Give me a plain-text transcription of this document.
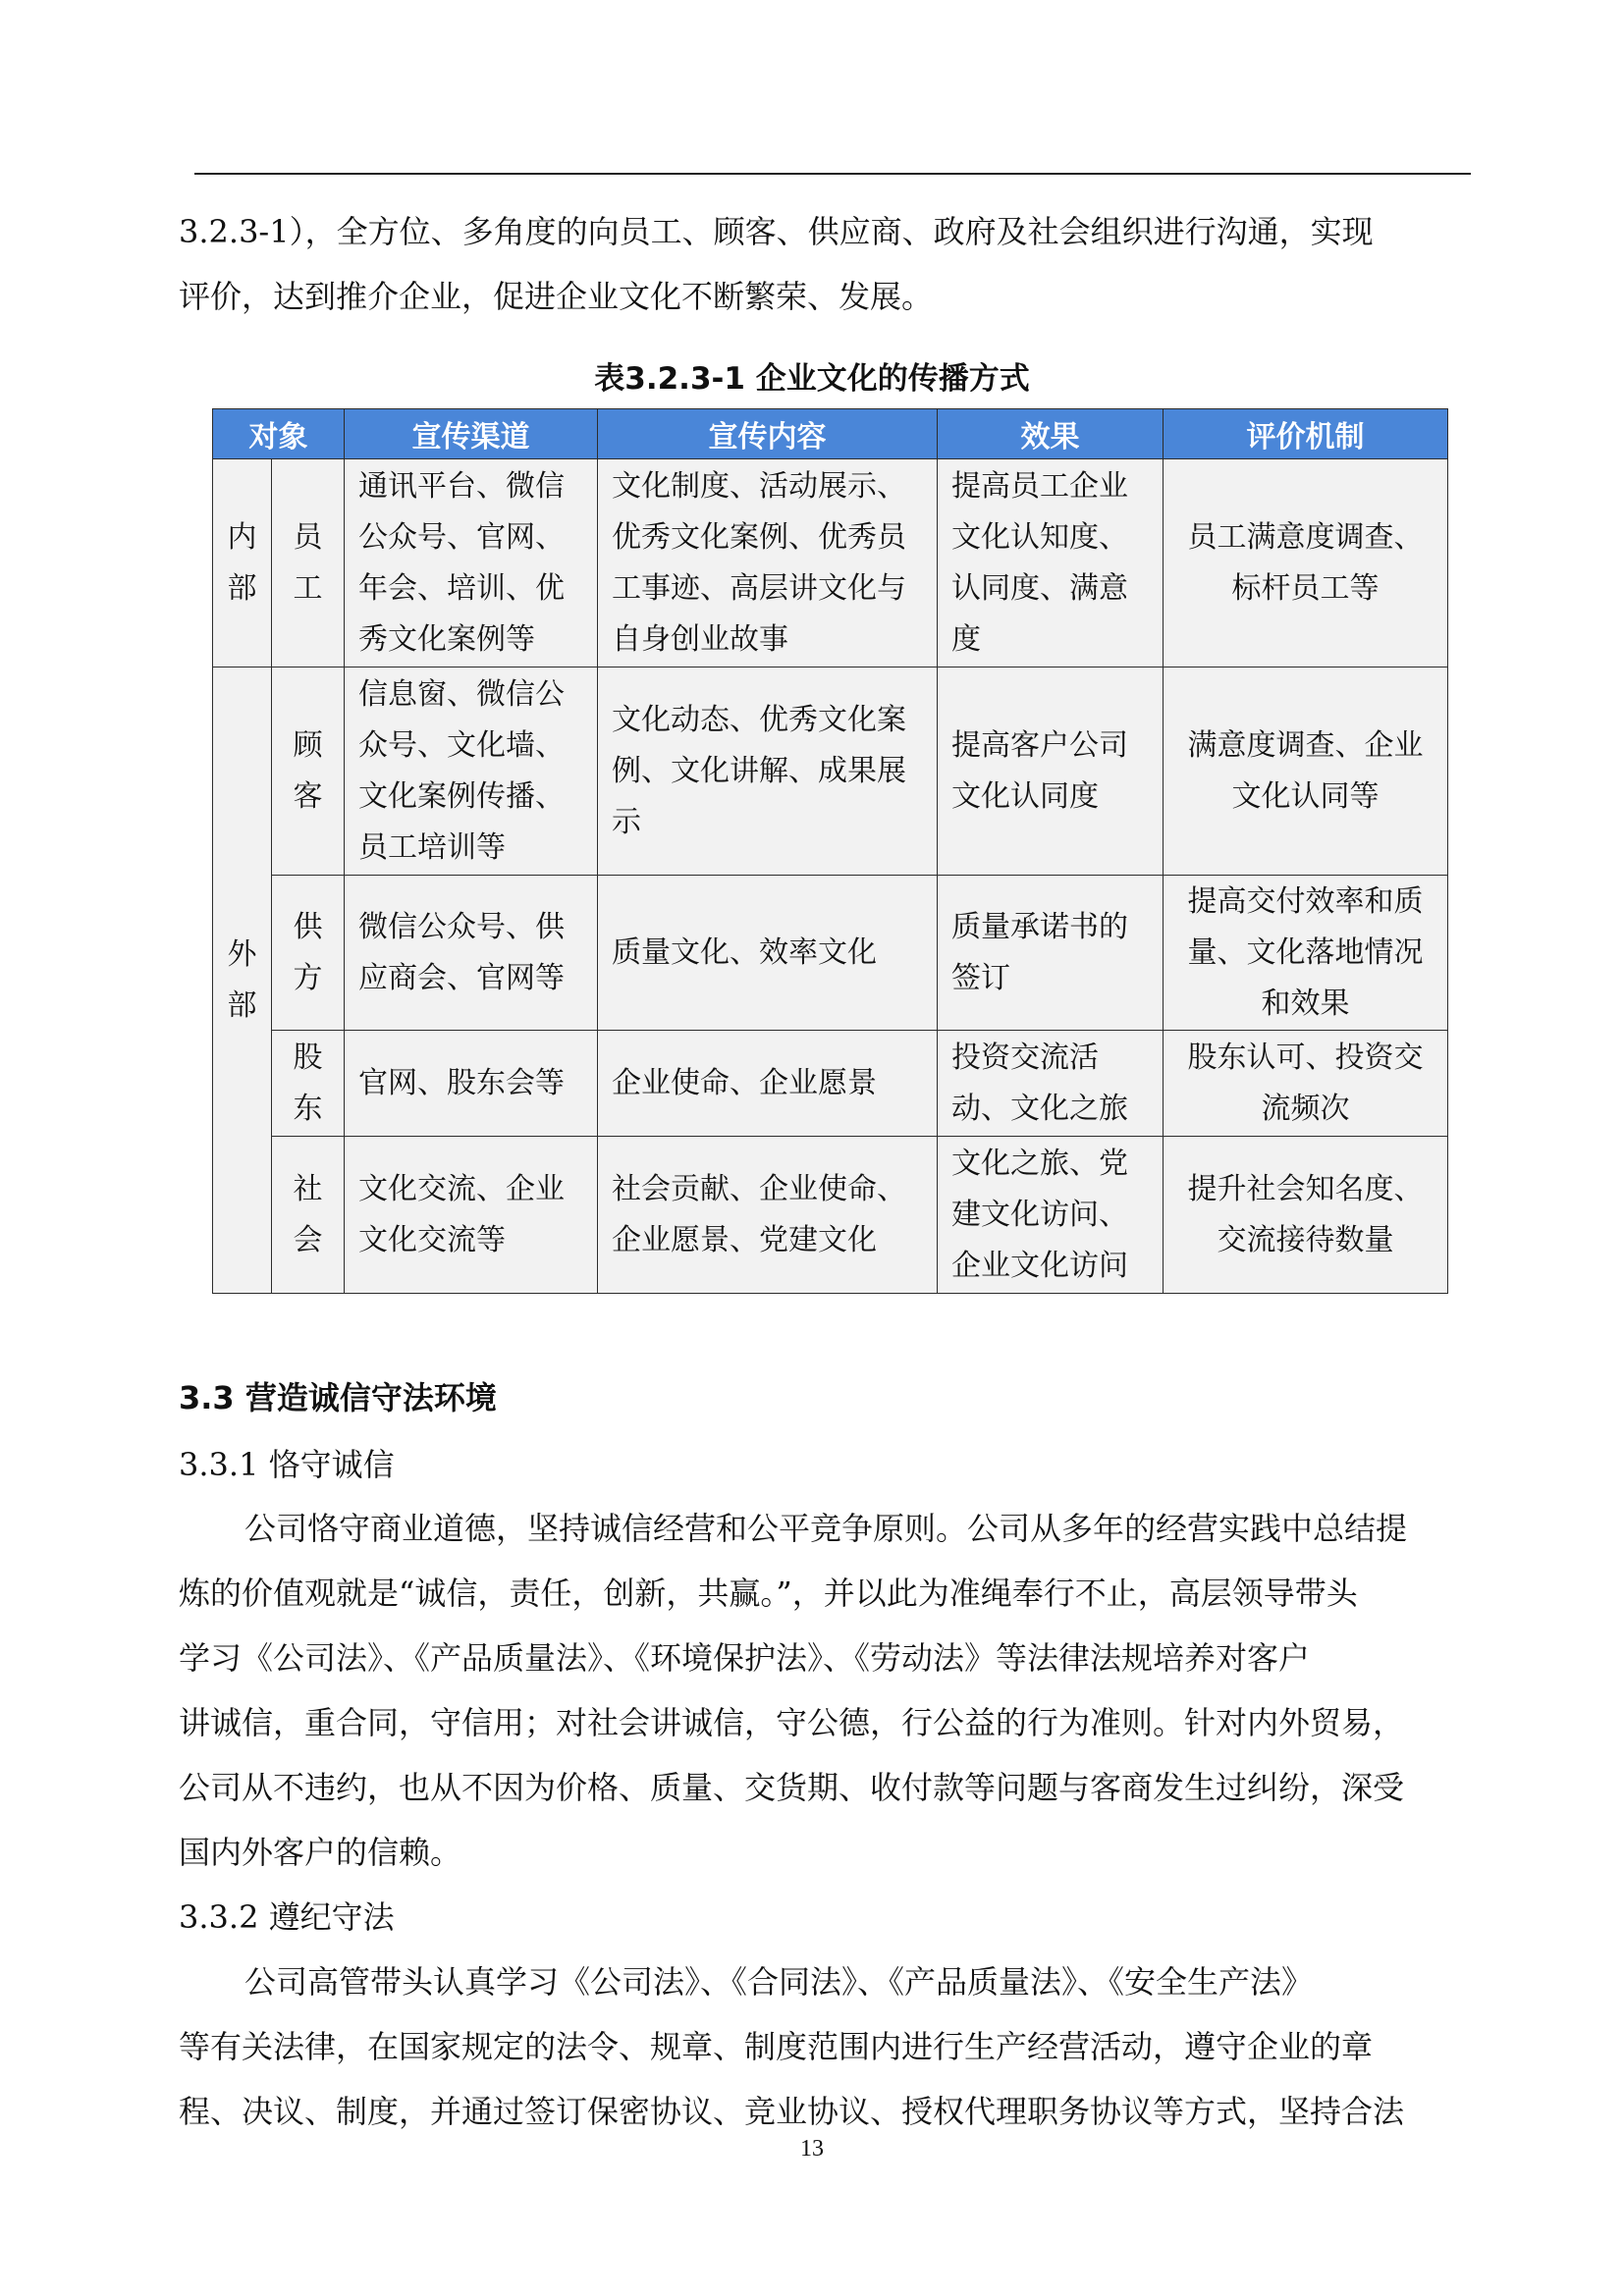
3.2.3-1），全方位、多角度的向员工、顾客、供应商、政府及社会组织进行沟通，实现
评价，达到推介企业，促进企业文化不断繁荣、发展。
表3.2.3-1 企业文化的传播方式
对象		宣传渠道	宣传内容	效果	评价机制
内部	员工	通讯平台、微信公众号、官网、年会、培训、优秀文化案例等	文化制度、活动展示、优秀文化案例、优秀员工事迹、高层讲文化与自身创业故事	提高员工企业文化认知度、认同度、满意度	员工满意度调查、标杆员工等
外部	顾客	信息窗、微信公众号、文化墙、文化案例传播、员工培训等	文化动态、优秀文化案例、文化讲解、成果展示	提高客户公司文化认同度	满意度调查、企业文化认同等
	供方	微信公众号、供应商会、官网等	质量文化、效率文化	质量承诺书的签订	提高交付效率和质量、文化落地情况和效果
	股东	官网、股东会等	企业使命、企业愿景	投资交流活动、文化之旅	股东认可、投资交流频次
	社会	文化交流、企业文化交流等	社会贡献、企业使命、企业愿景、党建文化	文化之旅、党建文化访问、企业文化访问	提升社会知名度、交流接待数量
3.3 营造诚信守法环境
3.3.1 恪守诚信
公司恪守商业道德，坚持诚信经营和公平竞争原则。公司从多年的经营实践中总结提
炼的价值观就是“诚信，责任，创新，共赢。”，并以此为准绳奉行不止，高层领导带头
学习《公司法》、《产品质量法》、《环境保护法》、《劳动法》等法律法规培养对客户
讲诚信，重合同，守信用；对社会讲诚信，守公德，行公益的行为准则。针对内外贸易，
公司从不违约，也从不因为价格、质量、交货期、收付款等问题与客商发生过纠纷，深受
国内外客户的信赖。
3.3.2 遵纪守法
公司高管带头认真学习《公司法》、《合同法》、《产品质量法》、《安全生产法》
等有关法律，在国家规定的法令、规章、制度范围内进行生产经营活动，遵守企业的章
程、决议、制度，并通过签订保密协议、竞业协议、授权代理职务协议等方式，坚持合法
13
